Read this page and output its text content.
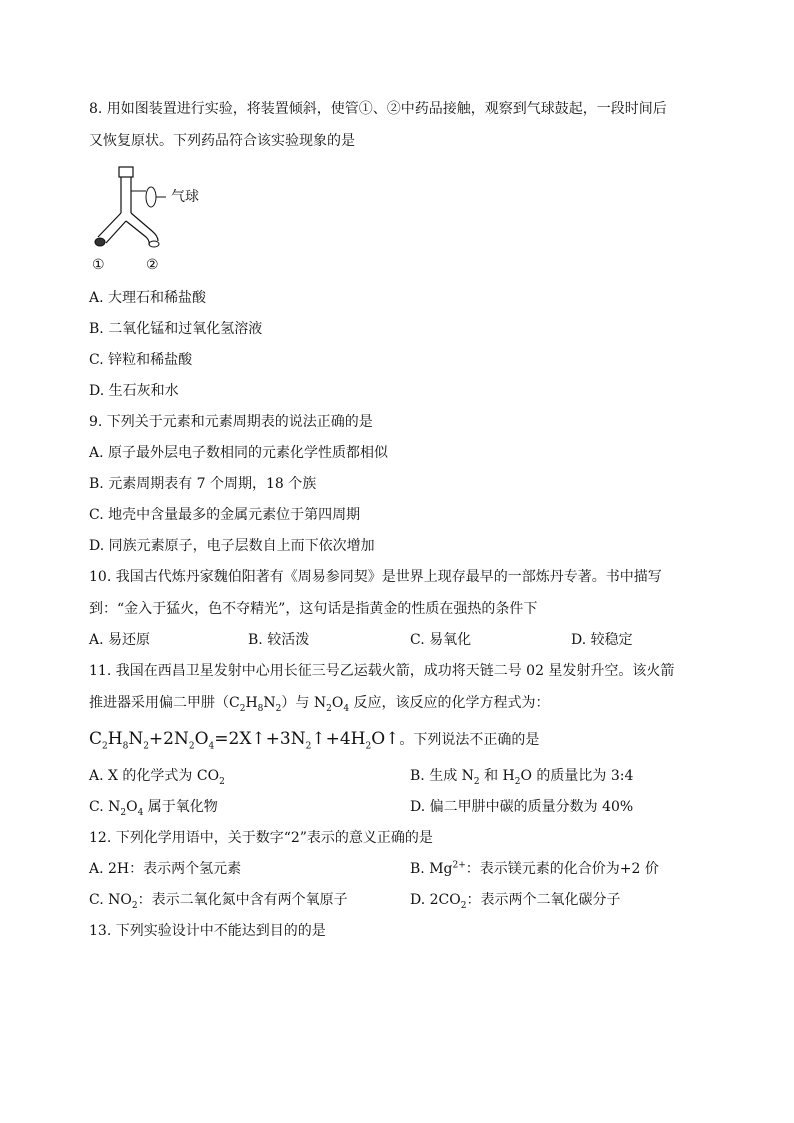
8. 用如图装置进行实验，将装置倾斜，使管①、②中药品接触，观察到气球鼓起，一段时间后
又恢复原状。下列药品符合该实验现象的是
气球
①	②
A. 大理石和稀盐酸
B. 二氧化锰和过氧化氢溶液
C. 锌粒和稀盐酸
D. 生石灰和水
9. 下列关于元素和元素周期表的说法正确的是
A. 原子最外层电子数相同的元素化学性质都相似
B. 元素周期表有 7 个周期，18 个族
C. 地壳中含量最多的金属元素位于第四周期
D. 同族元素原子，电子层数自上而下依次增加
10. 我国古代炼丹家魏伯阳著有《周易参同契》是世界上现存最早的一部炼丹专著。书中描写
到：“金入于猛火，色不夺精光”，这句话是指黄金的性质在强热的条件下
A. 易还原	B. 较活泼	C. 易氧化	D. 较稳定
11. 我国在西昌卫星发射中心用长征三号乙运载火箭，成功将天链二号 02 星发射升空。该火箭
推进器采用偏二甲肼$(C_2H_8N_2)$与 $N_2O_4$ 反应，该反应的化学方程式为：
$C_2H_8N_2+2N_2O_4=2X↑+3N_2↑+4H_2O↑$。下列说法不正确的是
A. X 的化学式为 $CO_2$	B. 生成 $N_2$ 和 $H_2O$ 的质量比为 3:4
C. $N_2O_4$ 属于氧化物	D. 偏二甲肼中碳的质量分数为 40%
12. 下列化学用语中，关于数字“2”表示的意义正确的是
A. 2H：表示两个氢元素	B. $Mg^{2+}$：表示镁元素的化合价为+2 价
C. $NO_2$：表示二氧化氮中含有两个氧原子	D. $2CO_2$：表示两个二氧化碳分子
13. 下列实验设计中不能达到目的的是
